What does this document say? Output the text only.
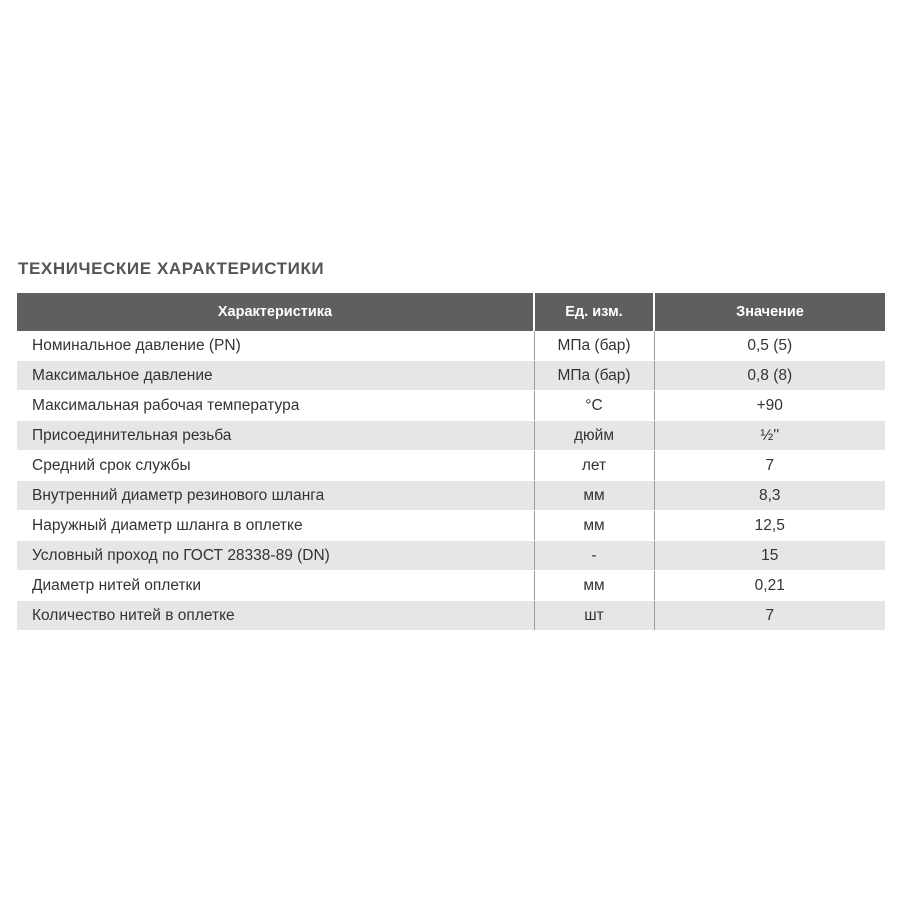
ТЕХНИЧЕСКИЕ ХАРАКТЕРИСТИКИ
Характеристика	Ед. изм.	Значение
Номинальное давление (PN)	МПа (бар)	0,5 (5)
Максимальное давление	МПа (бар)	0,8 (8)
Максимальная рабочая температура	°C	+90
Присоединительная резьба	дюйм	½''
Средний срок службы	лет	7
Внутренний диаметр резинового шланга	мм	8,3
Наружный диаметр шланга в оплетке	мм	12,5
Условный проход по ГОСТ 28338-89 (DN)	-	15
Диаметр нитей оплетки	мм	0,21
Количество нитей в оплетке	шт	7
